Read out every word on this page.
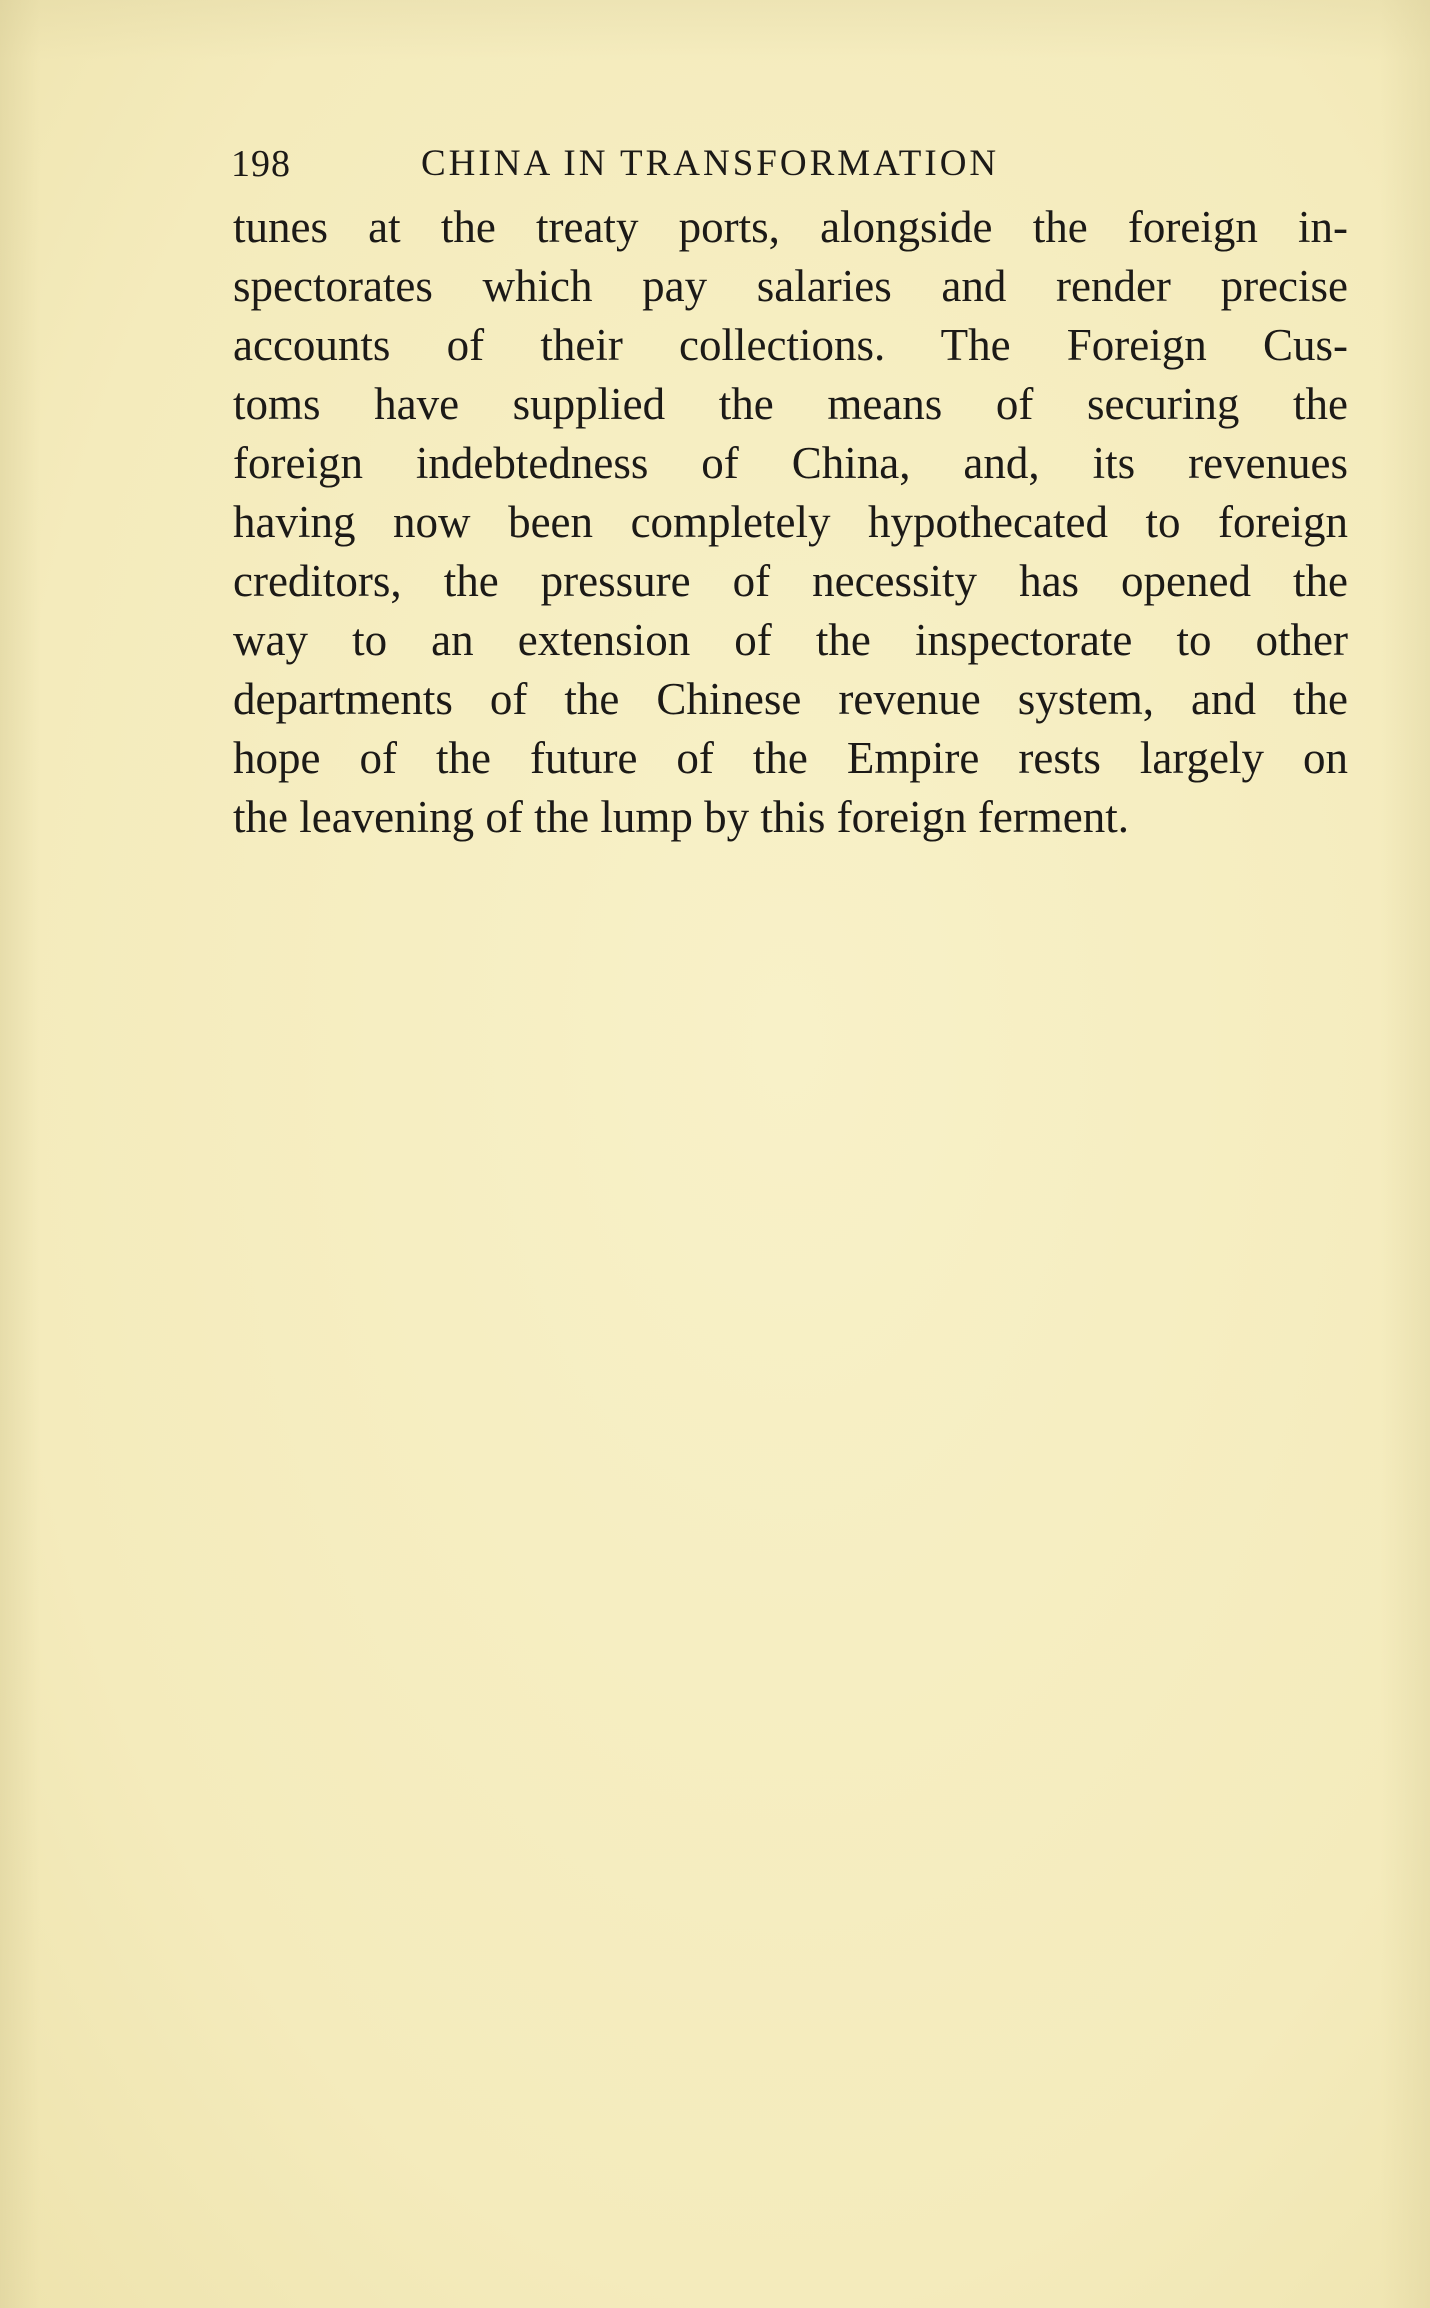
198	CHINA IN TRANSFORMATION
tunes at the treaty ports, alongside the foreign in-
spectorates which pay salaries and render precise
accounts of their collections. The Foreign Cus-
toms have supplied the means of securing the
foreign indebtedness of China, and, its revenues
having now been completely hypothecated to foreign
creditors, the pressure of necessity has opened the
way to an extension of the inspectorate to other
departments of the Chinese revenue system, and the
hope of the future of the Empire rests largely on
the leavening of the lump by this foreign ferment.
